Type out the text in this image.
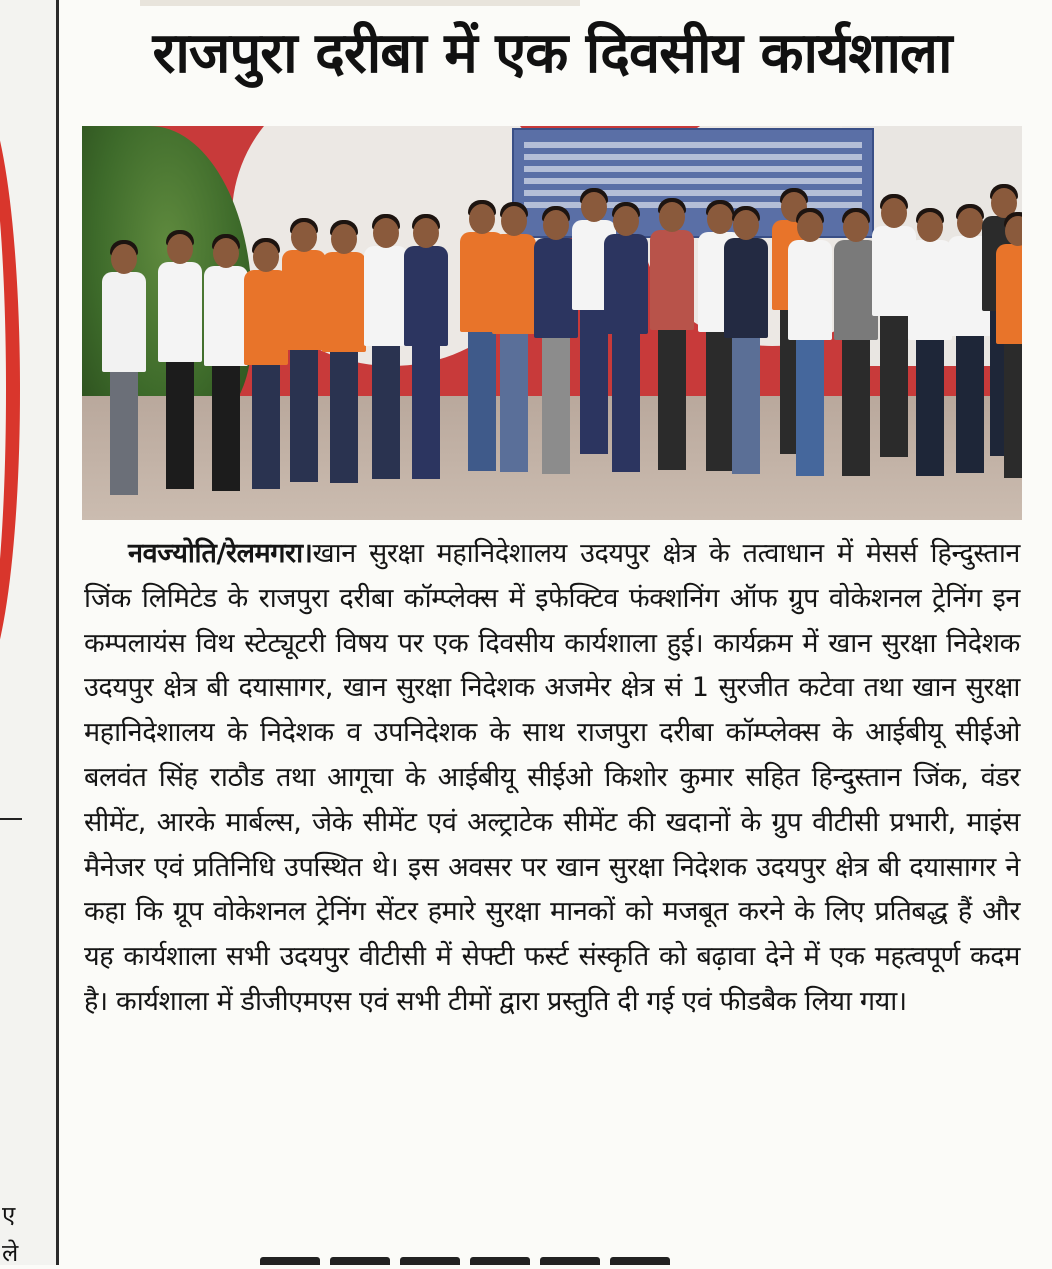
ए
ले
राजपुरा दरीबा में एक दिवसीय कार्यशाला

नवज्योति/रेलमगरा।खान सुरक्षा महानिदेशालय उदयपुर क्षेत्र के तत्वाधान में मेसर्स हिन्दुस्तान जिंक लिमिटेड के राजपुरा दरीबा कॉम्प्लेक्स में इफेक्टिव फंक्शनिंग ऑफ ग्रुप वोकेशनल ट्रेनिंग इन कम्पलायंस विथ स्टेट्यूटरी विषय पर एक दिवसीय कार्यशाला हुई। कार्यक्रम में खान सुरक्षा निदेशक उदयपुर क्षेत्र बी दयासागर, खान सुरक्षा निदेशक अजमेर क्षेत्र सं 1 सुरजीत कटेवा तथा खान सुरक्षा महानिदेशालय के निदेशक व उपनिदेशक के साथ राजपुरा दरीबा कॉम्प्लेक्स के आईबीयू सीईओ बलवंत सिंह राठौड तथा आगूचा के आईबीयू सीईओ किशोर कुमार सहित हिन्दुस्तान जिंक, वंडर सीमेंट, आरके मार्बल्स, जेके सीमेंट एवं अल्ट्राटेक सीमेंट की खदानों के ग्रुप वीटीसी प्रभारी, माइंस मैनेजर एवं प्रतिनिधि उपस्थित थे। इस अवसर पर खान सुरक्षा निदेशक उदयपुर क्षेत्र बी दयासागर ने कहा कि ग्रूप वोकेशनल ट्रेनिंग सेंटर हमारे सुरक्षा मानकों को मजबूत करने के लिए प्रतिबद्ध हैं और यह कार्यशाला सभी उदयपुर वीटीसी में सेफ्टी फर्स्ट संस्कृति को बढ़ावा देने में एक महत्वपूर्ण कदम है। कार्यशाला में डीजीएमएस एवं सभी टीमों द्वारा प्रस्तुति दी गई एवं फीडबैक लिया गया।
